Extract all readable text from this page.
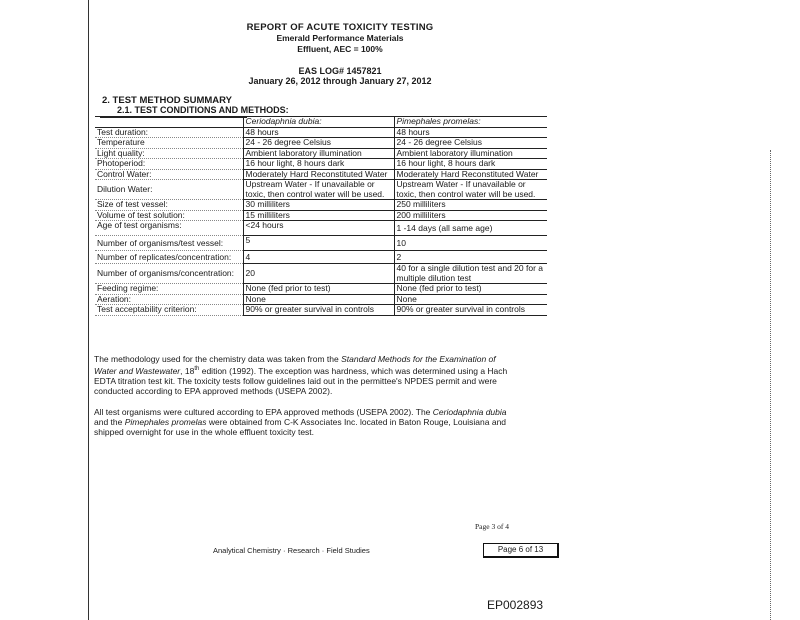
REPORT OF ACUTE TOXICITY TESTING
Emerald Performance Materials
Effluent, AEC = 100%
EAS LOG# 1457821
January 26, 2012 through January 27, 2012
2. TEST METHOD SUMMARY
2.1. TEST CONDITIONS AND METHODS:
	Ceriodaphnia dubia:	Pimephales promelas:
Test duration:	48 hours	48 hours
Temperature	24 - 26 degree Celsius	24 - 26 degree Celsius
Light quality:	Ambient laboratory illumination	Ambient laboratory illumination
Photoperiod:	16 hour light, 8 hours dark	16 hour light, 8 hours dark
Control Water:	Moderately Hard Reconstituted Water	Moderately Hard Reconstituted Water
Dilution Water:	Upstream Water - If unavailable or toxic, then control water will be used.	Upstream Water - If unavailable or toxic, then control water will be used.
Size of test vessel:	30 milliliters	250 milliliters
Volume of test solution:	15 milliliters	200 milliliters
Age of test organisms:	<24 hours	1 -14 days (all same age)
Number of organisms/test vessel:	5	10
Number of replicates/concentration:	4	2
Number of organisms/concentration:	20	40 for a single dilution test and 20 for a multiple dilution test
Feeding regime:	None (fed prior to test)	None (fed prior to test)
Aeration:	None	None
Test acceptability criterion:	90% or greater survival in controls	90% or greater survival in controls
The methodology used for the chemistry data was taken from the Standard Methods for the Examination of Water and Wastewater, 18th edition (1992). The exception was hardness, which was determined using a Hach EDTA titration test kit. The toxicity tests follow guidelines laid out in the permittee's NPDES permit and were conducted according to EPA approved methods (USEPA 2002).
All test organisms were cultured according to EPA approved methods (USEPA 2002). The Ceriodaphnia dubia and the Pimephales promelas were obtained from C-K Associates Inc. located in Baton Rouge, Louisiana and shipped overnight for use in the whole effluent toxicity test.
Page 3 of 4
Analytical Chemistry · Research · Field Studies	Page 6 of 13
EP002893
